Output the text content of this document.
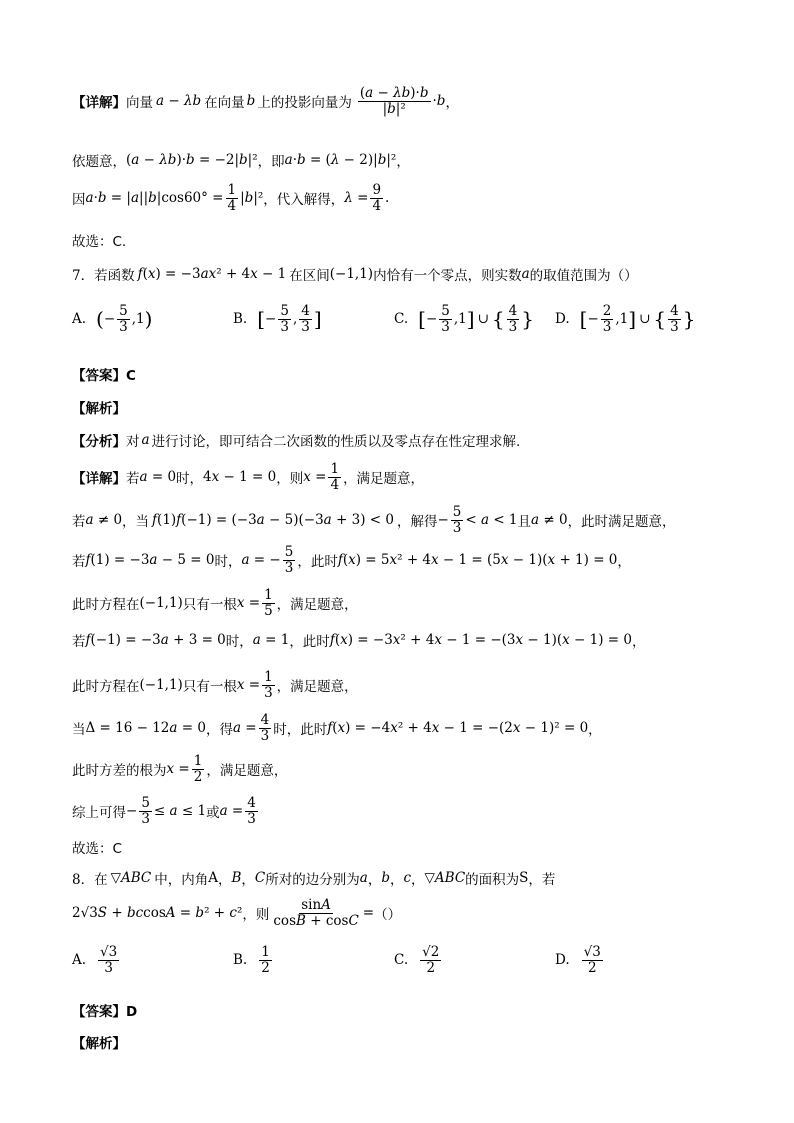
【详解】 向量 a − λb 在向量 b 上的投影向量为 $\frac{(a - \lambda b)\cdot b}{\text{|b|²}} \cdot b$ ，
依题意， (a − λb)·b = −2|b|² ，即 a·b = (λ − 2)|b|² ，
因 $a\cdot b = |a||b|\cos 60^\circ = \frac{1}{4} |b|^2$ ，代入解得， $\lambda = \frac{9}{4}$ .
故选：C.
7． 若函数 f(x) = −3ax² + 4x − 1 在区间 (−1,1) 内恰有一个零点，则实数 a 的取值范围为（）
A. ( − $\frac{5}{3} ,1$ )	B. [ − $\frac{5}{3}$ , $\frac{4}{3}$ ]	C. [ − $\frac{5}{3} ,1$ ] ∪ { $\frac{4}{3}$ } D. [ − $\frac{2}{3} ,1$ ] ∪ { $\frac{4}{3}$ }
【答案】C
【解析】
【分析】 对 a 进行讨论，即可结合二次函数的性质以及零点存在性定理求解.
【详解】 若 a = 0 时， 4x − 1 = 0 ，则 $x = \frac{1}{4}$ ，满足题意，
若 a ≠ 0 ，当 f(1)f(−1) = (−3a − 5)(−3a + 3) < 0 ，解得 − $\frac{5}{3} < a < 1$ 且 a ≠ 0 ，此时满足题意，
若 f(1) = −3a − 5 = 0 时， a = − $\frac{5}{3}$ ，此时 f(x) = 5x² + 4x − 1 = (5x − 1)(x + 1) = 0 ，
此时方程在 (−1,1) 只有一根 $x = \frac{1}{5}$ ，满足题意，
若 f(−1) = −3a + 3 = 0 时， a = 1 ，此时 f(x) = −3x² + 4x − 1 = −(3x − 1)(x − 1) = 0 ，
此时方程在 (−1,1) 只有一根 $x = \frac{1}{3}$ ，满足题意，
当 Δ = 16 − 12a = 0 ，得 $a = \frac{4}{3}$ 时，此时 f(x) = −4x² + 4x − 1 = −(2x − 1)² = 0 ，
此时方差的根为 $x = \frac{1}{2}$ ，满足题意，
综上可得 − $\frac{5}{3} \le a \le 1$ 或 $a = \frac{4}{3}$
故选：C
8． 在 ▽ABC 中，内角 A ， B ， C 所对的边分别为 a ， b ， c ， ▽ABC 的面积为 S ，若
2√3S + bccosA = b² + c² ，则 $\frac{\sin A}{\cos B + \cos C}$ = （）
A. $\frac{√3}{3}$	B. $\frac{1}{2}$	C. $\frac{√2}{2}$	D. $\frac{√3}{2}$
【答案】D
【解析】
